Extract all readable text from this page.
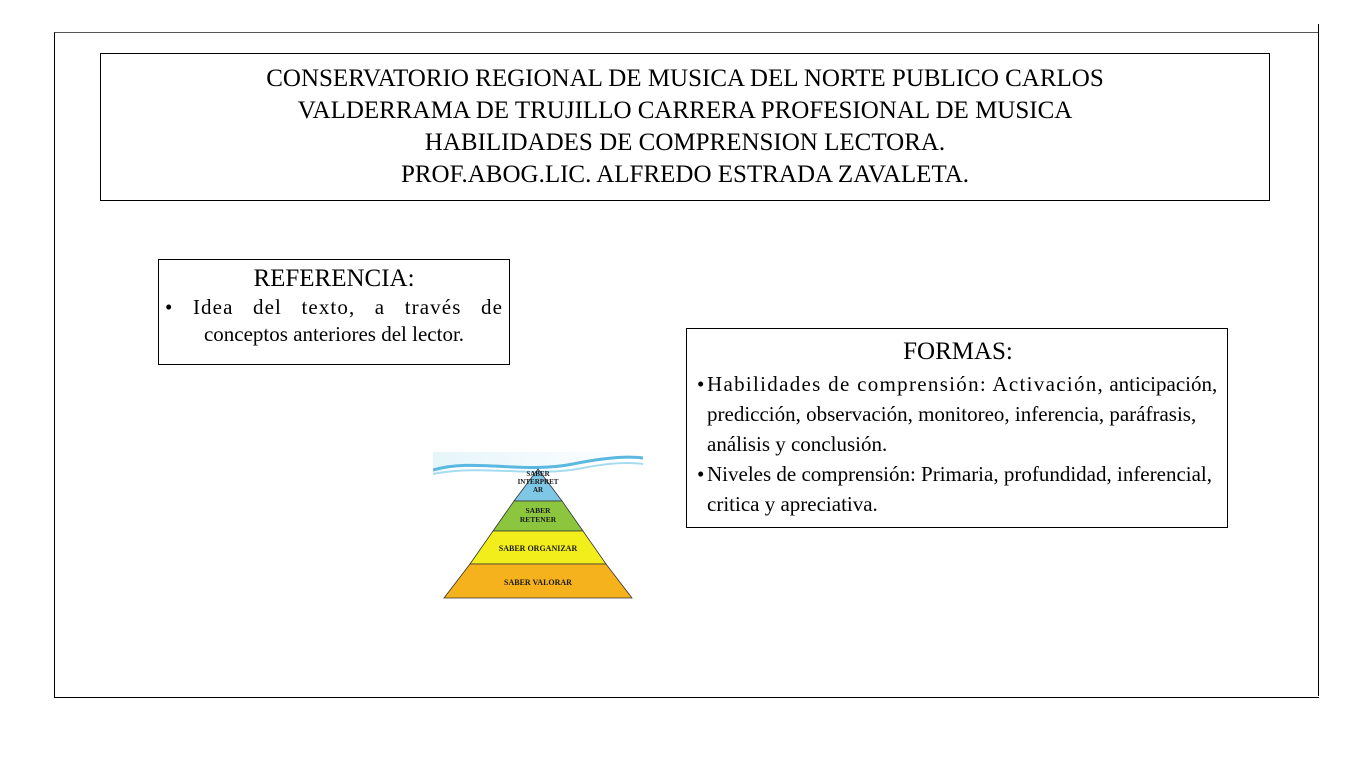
CONSERVATORIO REGIONAL DE MUSICA DEL NORTE PUBLICO CARLOS
VALDERRAMA DE TRUJILLO CARRERA PROFESIONAL DE MUSICA
HABILIDADES DE COMPRENSION LECTORA.
PROF.ABOG.LIC. ALFREDO ESTRADA ZAVALETA.
REFERENCIA:
• Idea del texto, a través de
conceptos anteriores del lector.
FORMAS:
• Habilidades de comprensión: Activación, anticipación, predicción, observación, monitoreo, inferencia, paráfrasis, análisis y conclusión.
• Niveles de comprensión: Primaria, profundidad, inferencial, critica y apreciativa.
SABER
INTERPRET
AR
SABER
RETENER
SABER ORGANIZAR
SABER VALORAR
